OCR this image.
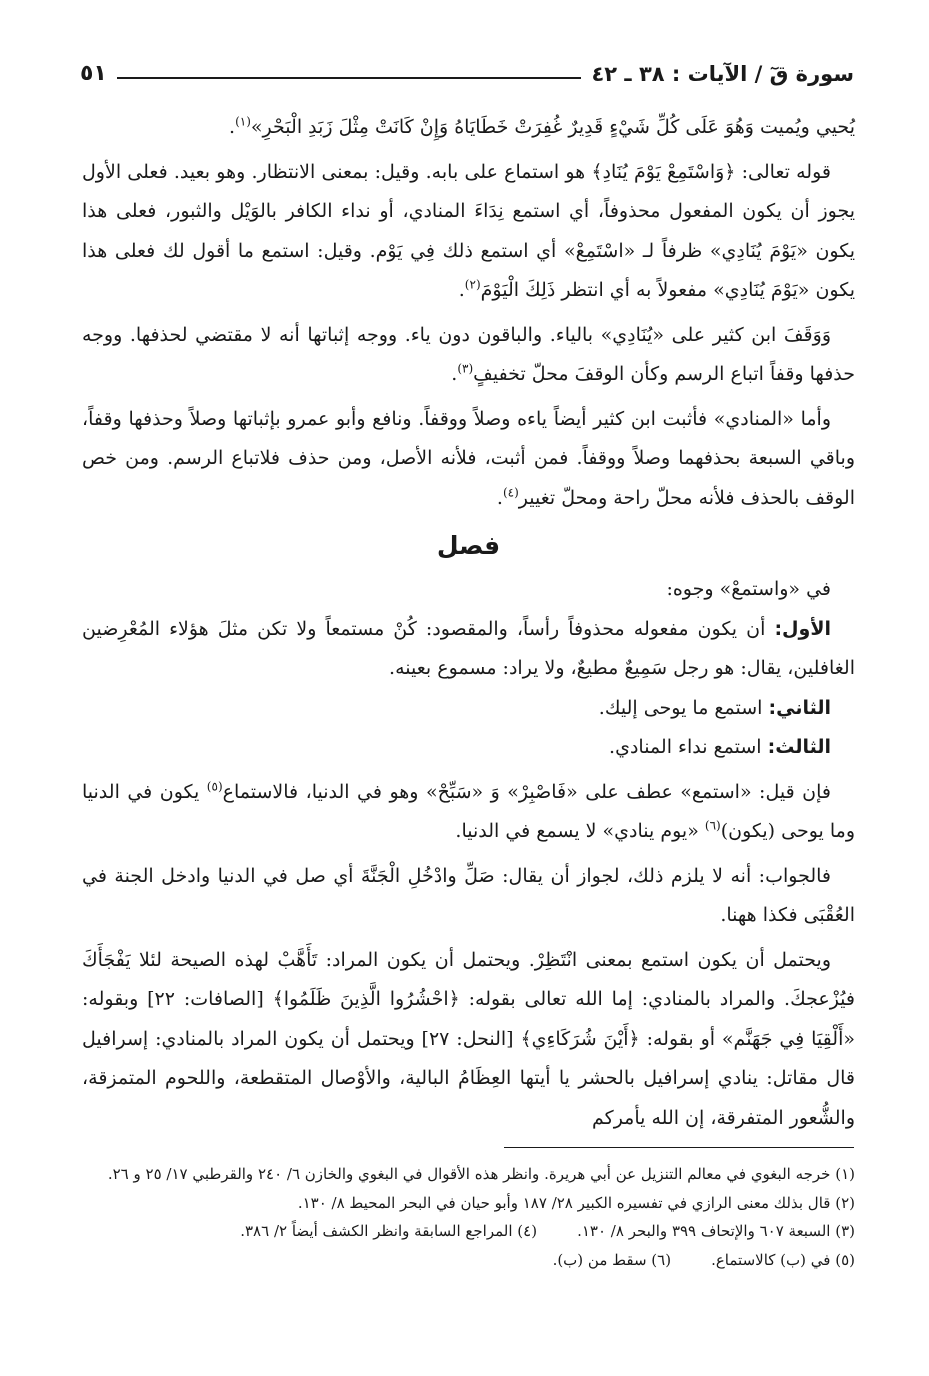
سورة قٓ / الآيات : ٣٨ ـ ٤٢
٥١

يُحيي ويُميت وَهُوَ عَلَى كُلِّ شَيْءٍ قَدِيرٌ غُفِرَتْ خَطَايَاهُ وَإِنْ كَانَتْ مِثْلَ زَبَدِ الْبَحْرِ»$^{(١)}$.

قوله تعالى: ﴿وَاسْتَمِعْ يَوْمَ يُنَادِ﴾ هو استماع على بابه. وقيل: بمعنى الانتظار. وهو بعيد. فعلى الأول يجوز أن يكون المفعول محذوفاً، أي استمع نِدَاءَ المنادي، أو نداء الكافر بالوَيْل والثبور، فعلى هذا يكون «يَوْمَ يُنَادِي» ظرفاً لـ «اسْتَمِعْ» أي استمع ذلك فِي يَوْم. وقيل: استمع ما أقول لك فعلى هذا يكون «يَوْمَ يُنَادِي» مفعولاً به أي انتظر ذَلِكَ الْيَوْمَ$^{(٢)}$.

وَوَقَفَ ابن كثير على «يُنَادِي» بالياء. والباقون دون ياء. ووجه إثباتها أنه لا مقتضي لحذفها. ووجه حذفها وقفاً اتباع الرسم وكأن الوقفَ محلّ تخفيفٍ$^{(٣)}$.

وأما «المنادي» فأثبت ابن كثير أيضاً ياءه وصلاً ووقفاً. ونافع وأبو عمرو بإثباتها وصلاً وحذفها وقفاً، وباقي السبعة بحذفهما وصلاً ووقفاً. فمن أثبت، فلأنه الأصل، ومن حذف فلاتباع الرسم. ومن خص الوقف بالحذف فلأنه محلّ راحة ومحلّ تغيير$^{(٤)}$.

فصل

في «واستمعْ» وجوه:

الأول: أن يكون مفعوله محذوفاً رأساً، والمقصود: كُنْ مستمعاً ولا تكن مثلَ هؤلاء المُعْرِضين الغافلين، يقال: هو رجل سَمِيعٌ مطيعٌ، ولا يراد: مسموع بعينه.

الثاني: استمع ما يوحى إليك.

الثالث: استمع نداء المنادي.

فإن قيل: «استمع» عطف على «فَاصْبِرْ» وَ «سَبِّحْ» وهو في الدنيا، فالاستماع$^{(٥)}$ يكون في الدنيا وما يوحى (يكون)$^{(٦)}$ «يوم ينادي» لا يسمع في الدنيا.

فالجواب: أنه لا يلزم ذلك، لجواز أن يقال: صَلِّ وادْخُلِ الْجَنَّةَ أي صل في الدنيا وادخل الجنة في العُقْبَى فكذا ههنا.

ويحتمل أن يكون استمع بمعنى انْتَظِرْ. ويحتمل أن يكون المراد: تَأَهَّبْ لهذه الصيحة لئلا يَفْجَأَكَ فيُزْعجكَ. والمراد بالمنادي: إما الله تعالى بقوله: ﴿احْشُرُوا الَّذِينَ ظَلَمُوا﴾ [الصافات: ٢٢] وبقوله: «أَلْقِيَا فِي جَهَنَّم» أو بقوله: ﴿أَيْنَ شُرَكَاءِي﴾ [النحل: ٢٧] ويحتمل أن يكون المراد بالمنادي: إسرافيل قال مقاتل: ينادي إسرافيل بالحشر يا أيتها العِظَامُ البالية، والأوْصال المتقطعة، واللحوم المتمزقة، والشُّعور المتفرقة، إن الله يأمركم

(١) خرجه البغوي في معالم التنزيل عن أبي هريرة. وانظر هذه الأقوال في البغوي والخازن ٦/ ٢٤٠ والقرطبي ١٧/ ٢٥ و ٢٦.

(٢) قال بذلك معنى الرازي في تفسيره الكبير ٢٨/ ١٨٧ وأبو حيان في البحر المحيط ٨/ ١٣٠.

(٣) السبعة ٦٠٧ والإتحاف ٣٩٩ والبحر ٨/ ١٣٠.
(٤) المراجع السابقة وانظر الكشف أيضاً ٢/ ٣٨٦.
(٥) في (ب) كالاستماع.
(٦) سقط من (ب).
